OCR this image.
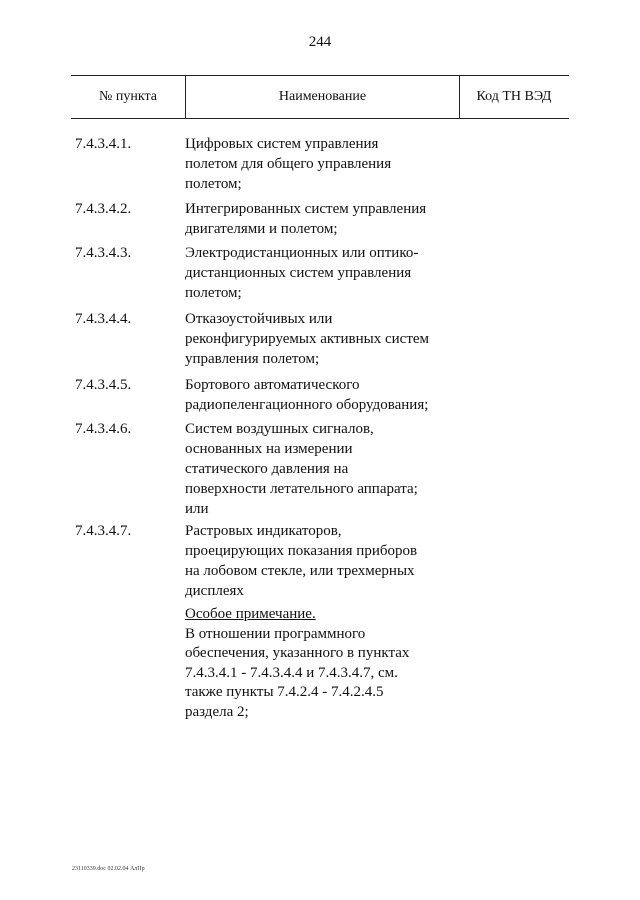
244
№ пункта	Наименование	Код ТН ВЭД
7.4.3.4.1.	Цифровых систем управления
полетом для общего управления
полетом;
7.4.3.4.2.	Интегрированных систем управления
двигателями и полетом;
7.4.3.4.3.	Электродистанционных или оптико-
дистанционных систем управления
полетом;
7.4.3.4.4.	Отказоустойчивых или
реконфигурируемых активных систем
управления полетом;
7.4.3.4.5.	Бортового автоматического
радиопеленгационного оборудования;
7.4.3.4.6.	Систем воздушных сигналов,
основанных на измерении
статического давления на
поверхности летательного аппарата;
или
7.4.3.4.7.	Растровых индикаторов,
проецирующих показания приборов
на лобовом стекле, или трехмерных
дисплеях
Особое примечание.
В отношении программного
обеспечения, указанного в пунктах
7.4.3.4.1 - 7.4.3.4.4 и 7.4.3.4.7, см.
также пункты 7.4.2.4 - 7.4.2.4.5
раздела 2;
23110339.doc 02.02.04 АлПр
